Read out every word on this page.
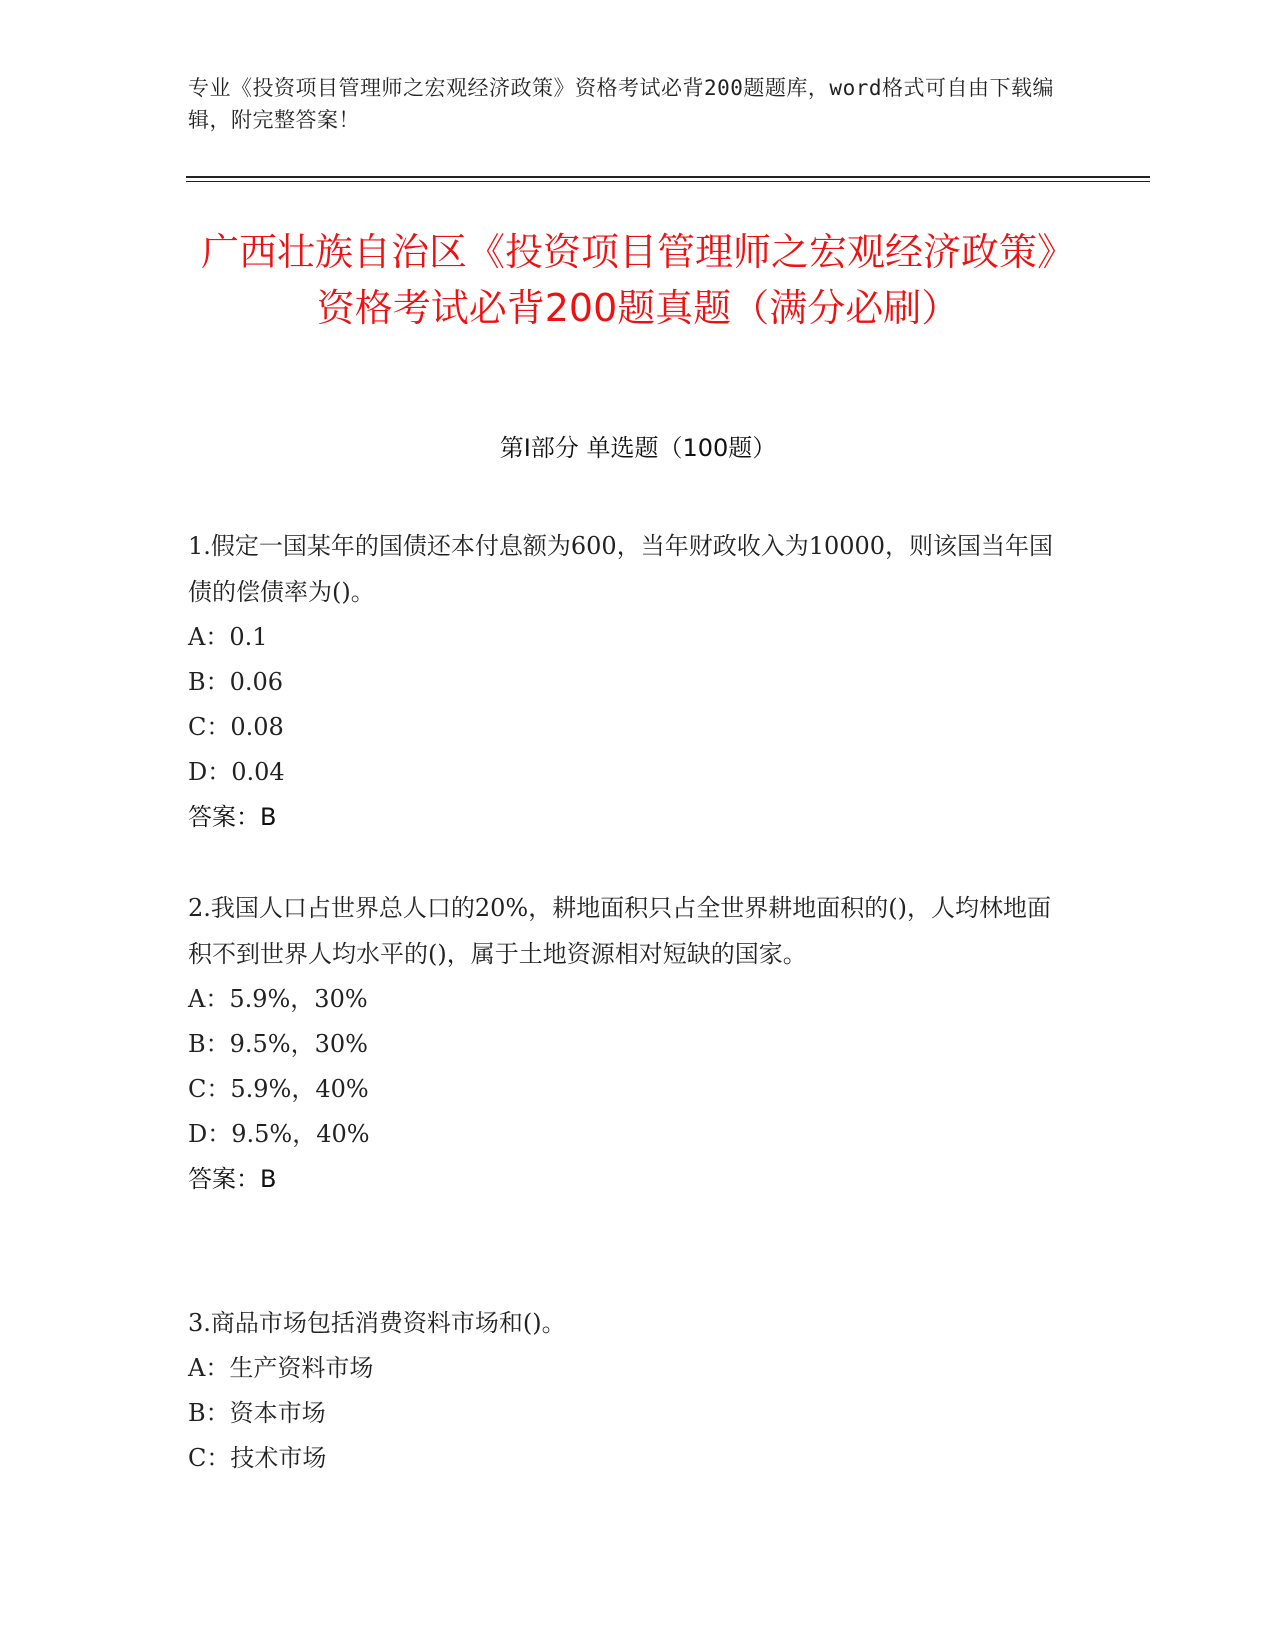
专业《投资项目管理师之宏观经济政策》资格考试必背200题题库，word格式可自由下载编辑，附完整答案！
广西壮族自治区《投资项目管理师之宏观经济政策》资格考试必背200题真题（满分必刷）
第I部分 单选题（100题）

1.假定一国某年的国债还本付息额为600，当年财政收入为10000，则该国当年国债的偿债率为()。

A：0.1

B：0.06

C：0.08

D：0.04

答案：B

2.我国人口占世界总人口的20%，耕地面积只占全世界耕地面积的()，人均林地面积不到世界人均水平的()，属于土地资源相对短缺的国家。

A：5.9%，30%

B：9.5%，30%

C：5.9%，40%

D：9.5%，40%

答案：B

3.商品市场包括消费资料市场和()。

A：生产资料市场

B：资本市场

C：技术市场
